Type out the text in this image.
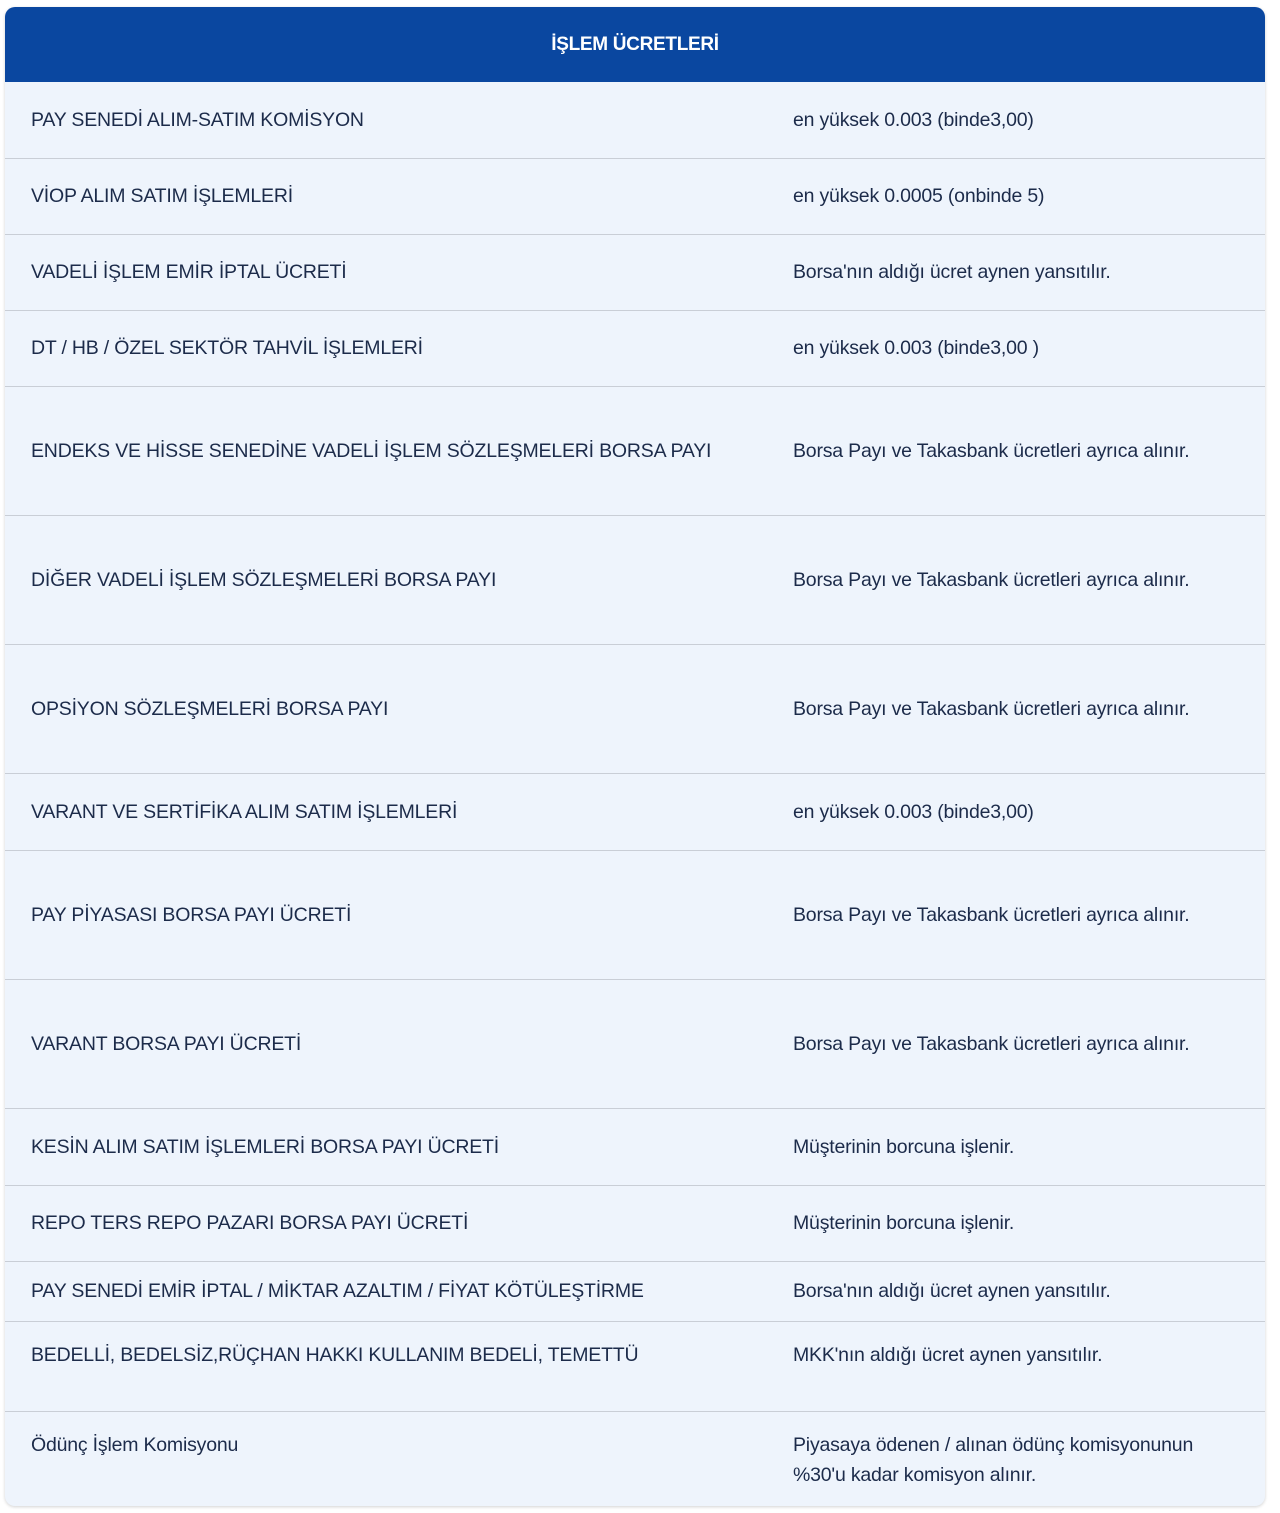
İŞLEM ÜCRETLERİ
PAY SENEDİ ALIM-SATIM KOMİSYON	en yüksek 0.003 (binde3,00)
VİOP ALIM SATIM İŞLEMLERİ	en yüksek 0.0005 (onbinde 5)
VADELİ İŞLEM EMİR İPTAL ÜCRETİ	Borsa'nın aldığı ücret aynen yansıtılır.
DT / HB / ÖZEL SEKTÖR TAHVİL İŞLEMLERİ	en yüksek 0.003 (binde3,00 )
ENDEKS VE HİSSE SENEDİNE VADELİ İŞLEM SÖZLEŞMELERİ BORSA PAYI	Borsa Payı ve Takasbank ücretleri ayrıca alınır.
DİĞER VADELİ İŞLEM SÖZLEŞMELERİ BORSA PAYI	Borsa Payı ve Takasbank ücretleri ayrıca alınır.
OPSİYON SÖZLEŞMELERİ BORSA PAYI	Borsa Payı ve Takasbank ücretleri ayrıca alınır.
VARANT VE SERTİFİKA ALIM SATIM İŞLEMLERİ	en yüksek 0.003 (binde3,00)
PAY PİYASASI BORSA PAYI ÜCRETİ	Borsa Payı ve Takasbank ücretleri ayrıca alınır.
VARANT BORSA PAYI ÜCRETİ	Borsa Payı ve Takasbank ücretleri ayrıca alınır.
KESİN ALIM SATIM İŞLEMLERİ BORSA PAYI ÜCRETİ	Müşterinin borcuna işlenir.
REPO TERS REPO PAZARI BORSA PAYI ÜCRETİ	Müşterinin borcuna işlenir.
PAY SENEDİ EMİR İPTAL / MİKTAR AZALTIM / FİYAT KÖTÜLEŞTİRME	Borsa'nın aldığı ücret aynen yansıtılır.
BEDELLİ, BEDELSİZ,RÜÇHAN HAKKI KULLANIM BEDELİ, TEMETTÜ	MKK'nın aldığı ücret aynen yansıtılır.
Ödünç İşlem Komisyonu	Piyasaya ödenen / alınan ödünç komisyonunun %30'u kadar komisyon alınır.
